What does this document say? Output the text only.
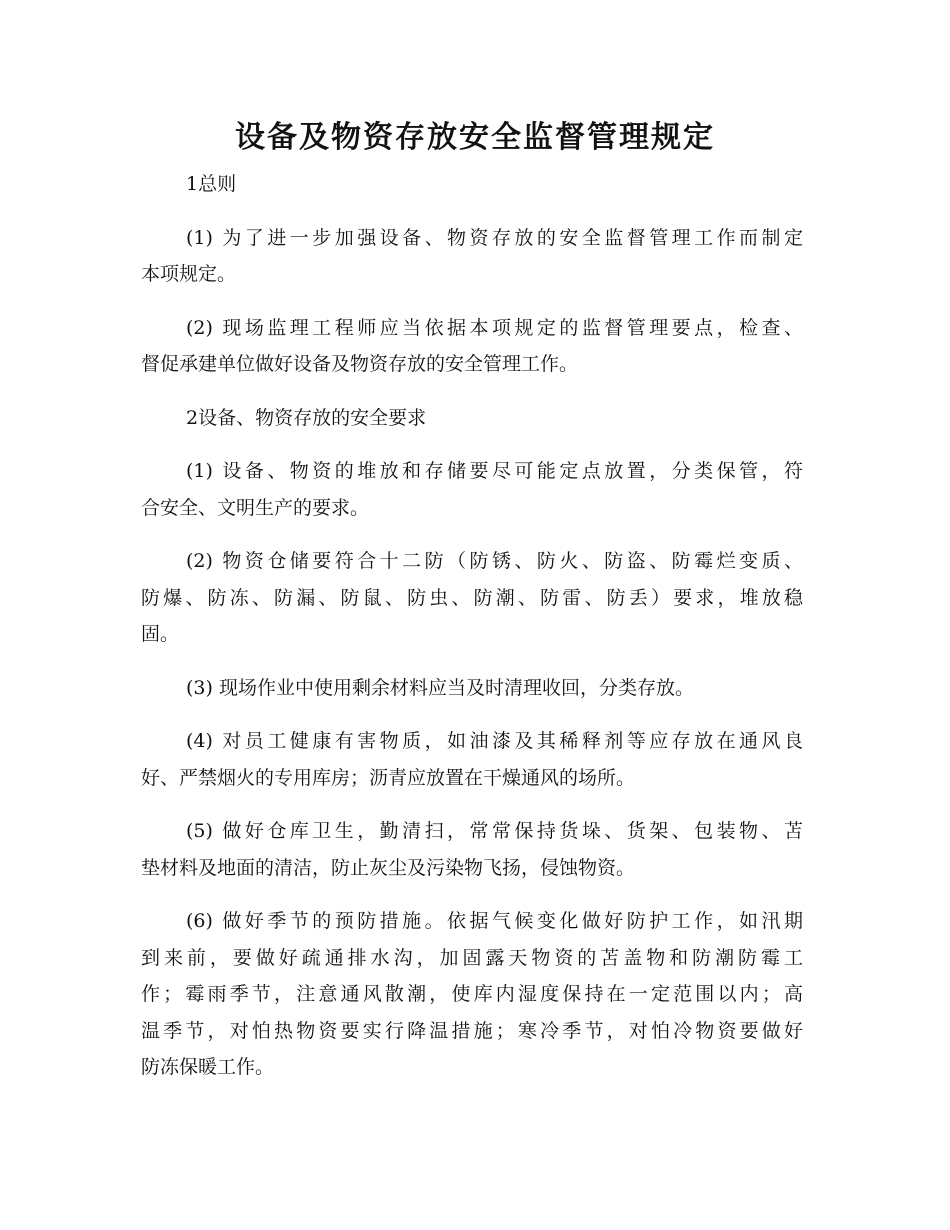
设备及物资存放安全监督管理规定
1总则
(1) 为了进一步加强设备、物资存放的安全监督管理工作而制定
本项规定。
(2) 现场监理工程师应当依据本项规定的监督管理要点，检查、
督促承建单位做好设备及物资存放的安全管理工作。
2设备、物资存放的安全要求
(1) 设备、物资的堆放和存储要尽可能定点放置，分类保管，符
合安全、文明生产的要求。
(2) 物资仓储要符合十二防（防锈、防火、防盗、防霉烂变质、
防爆、防冻、防漏、防鼠、防虫、防潮、防雷、防丢）要求，堆放稳
固。
(3) 现场作业中使用剩余材料应当及时清理收回，分类存放。
(4) 对员工健康有害物质，如油漆及其稀释剂等应存放在通风良
好、严禁烟火的专用库房；沥青应放置在干燥通风的场所。
(5) 做好仓库卫生，勤清扫，常常保持货垛、货架、包装物、苫
垫材料及地面的清洁，防止灰尘及污染物飞扬，侵蚀物资。
(6) 做好季节的预防措施。依据气候变化做好防护工作，如汛期
到来前，要做好疏通排水沟，加固露天物资的苫盖物和防潮防霉工
作；霉雨季节，注意通风散潮，使库内湿度保持在一定范围以内；高
温季节，对怕热物资要实行降温措施；寒冷季节，对怕冷物资要做好
防冻保暖工作。
